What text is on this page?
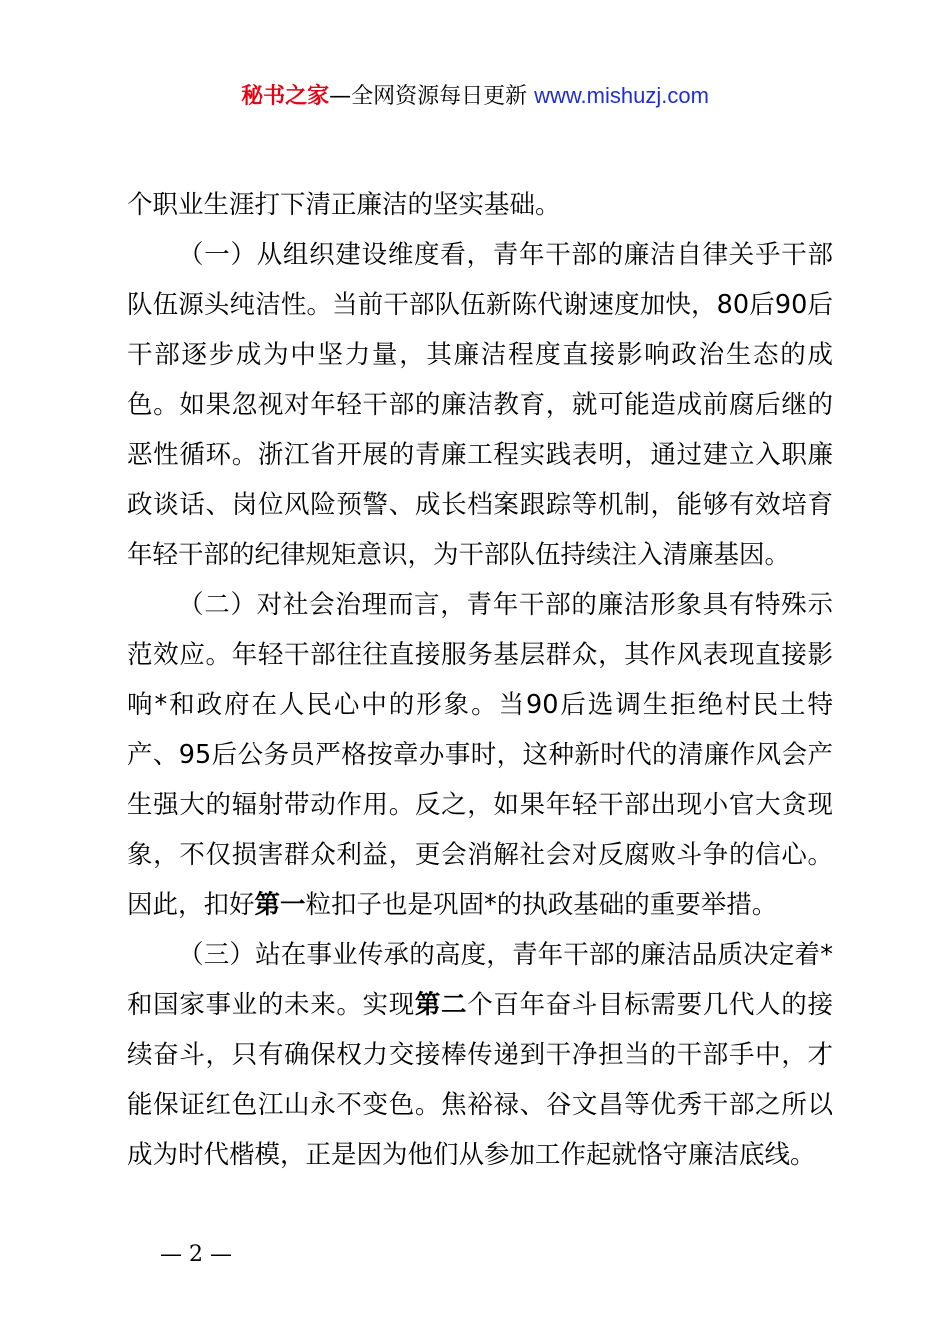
秘书之家—全网资源每日更新 www.mishuzj.com

个职业生涯打下清正廉洁的坚实基础。

（一）从组织建设维度看，青年干部的廉洁自律关乎干部队伍源头纯洁性。当前干部队伍新陈代谢速度加快，80后90后干部逐步成为中坚力量，其廉洁程度直接影响政治生态的成色。如果忽视对年轻干部的廉洁教育，就可能造成前腐后继的恶性循环。浙江省开展的青廉工程实践表明，通过建立入职廉政谈话、岗位风险预警、成长档案跟踪等机制，能够有效培育年轻干部的纪律规矩意识，为干部队伍持续注入清廉基因。

（二）对社会治理而言，青年干部的廉洁形象具有特殊示范效应。年轻干部往往直接服务基层群众，其作风表现直接影响*和政府在人民心中的形象。当90后选调生拒绝村民土特产、95后公务员严格按章办事时，这种新时代的清廉作风会产生强大的辐射带动作用。反之，如果年轻干部出现小官大贪现象，不仅损害群众利益，更会消解社会对反腐败斗争的信心。因此，扣好第一粒扣子也是巩固*的执政基础的重要举措。

（三）站在事业传承的高度，青年干部的廉洁品质决定着*和国家事业的未来。实现第二个百年奋斗目标需要几代人的接续奋斗，只有确保权力交接棒传递到干净担当的干部手中，才能保证红色江山永不变色。焦裕禄、谷文昌等优秀干部之所以成为时代楷模，正是因为他们从参加工作起就恪守廉洁底线。

— 2 —
